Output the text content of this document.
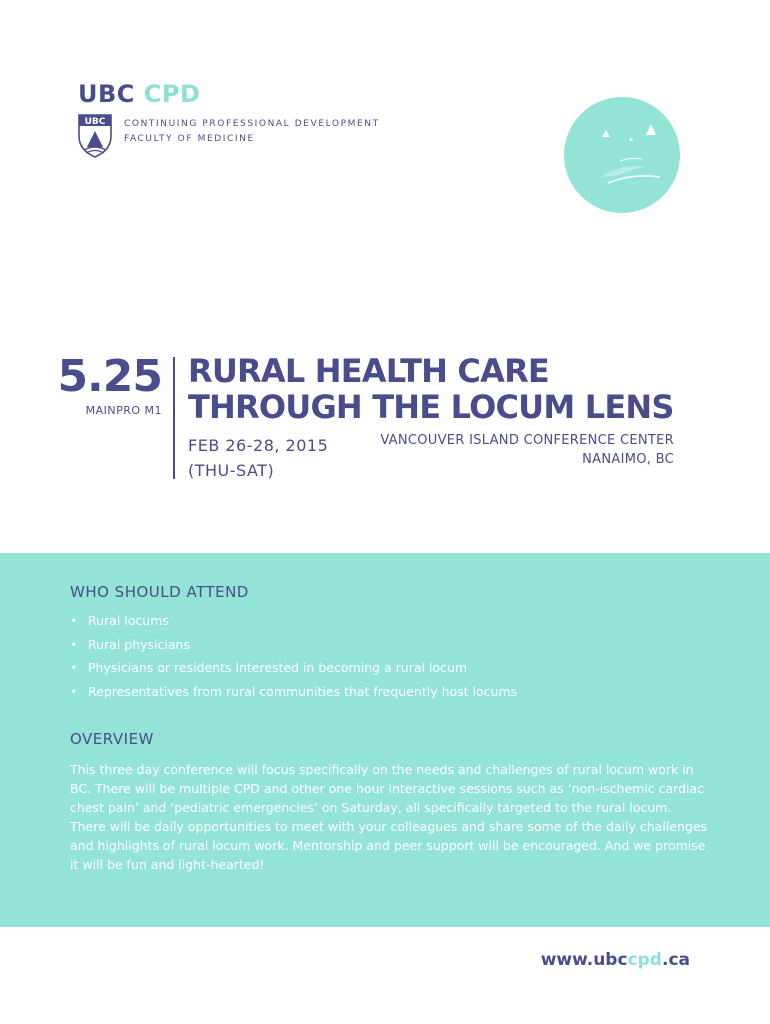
UBC CPD
UBC CONTINUING PROFESSIONAL DEVELOPMENT
FACULTY OF MEDICINE
5.25
MAINPRO M1
RURAL HEALTH CARE
THROUGH THE LOCUM LENS
FEB 26-28, 2015
(THU-SAT)
VANCOUVER ISLAND CONFERENCE CENTER
NANAIMO, BC
WHO SHOULD ATTEND
• Rural locums
• Rural physicians
• Physicians or residents interested in becoming a rural locum
• Representatives from rural communities that frequently host locums
OVERVIEW

This three day conference will focus specifically on the needs and challenges of rural locum work in BC. There will be multiple CPD and other one hour interactive sessions such as ‘non-ischemic cardiac chest pain’ and ‘pediatric emergencies’ on Saturday, all specifically targeted to the rural locum. There will be daily opportunities to meet with your colleagues and share some of the daily challenges and highlights of rural locum work. Mentorship and peer support will be encouraged. And we promise it will be fun and light-hearted!

www.ubccpd.ca
